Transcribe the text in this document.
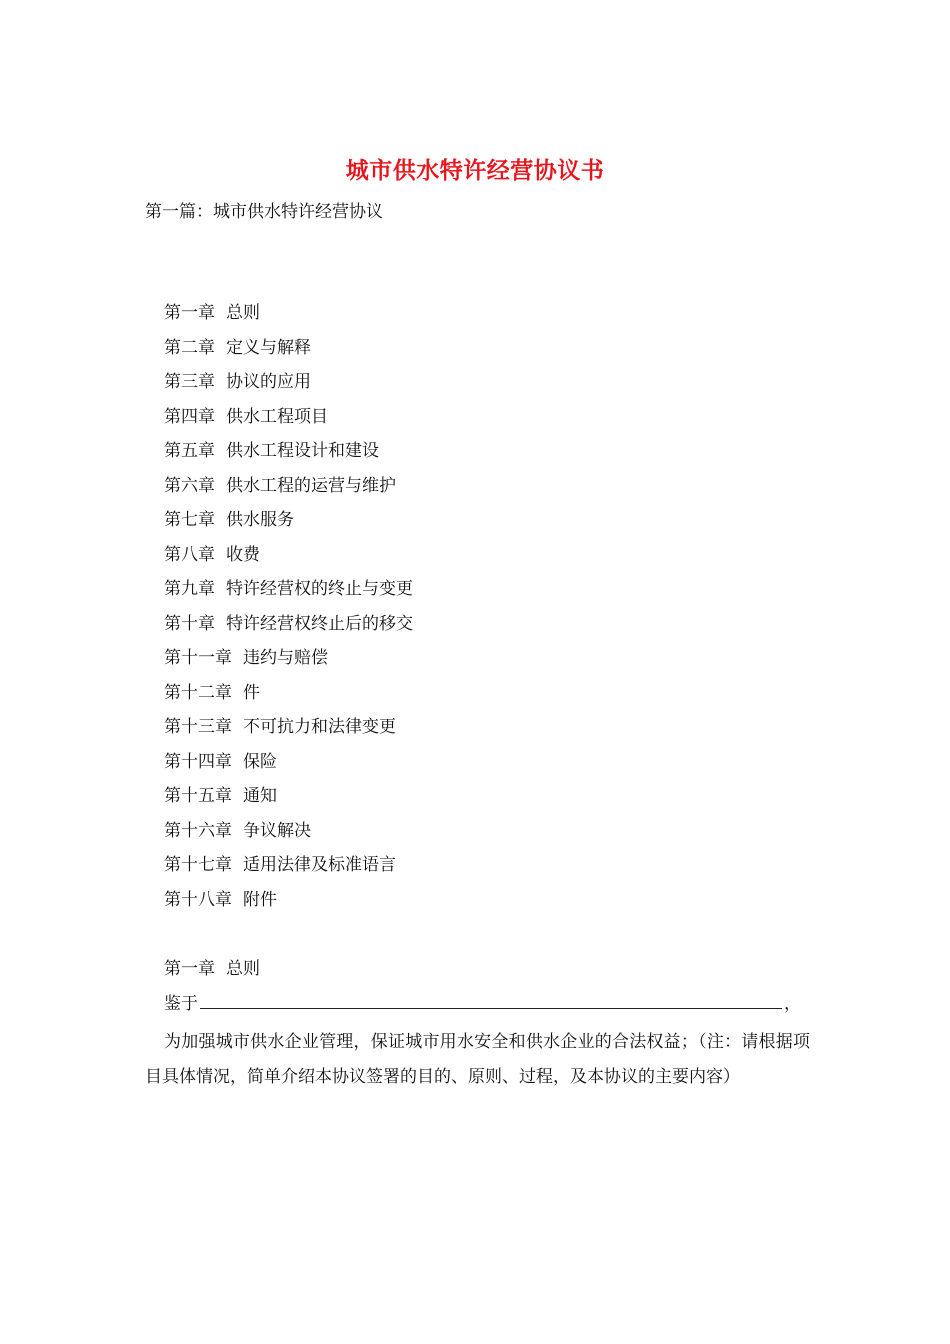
城市供水特许经营协议书
第一篇：城市供水特许经营协议
第一章 总则
第二章 定义与解释
第三章 协议的应用
第四章 供水工程项目
第五章 供水工程设计和建设
第六章 供水工程的运营与维护
第七章 供水服务
第八章 收费
第九章 特许经营权的终止与变更
第十章 特许经营权终止后的移交
第十一章 违约与赔偿
第十二章 件
第十三章 不可抗力和法律变更
第十四章 保险
第十五章 通知
第十六章 争议解决
第十七章 适用法律及标准语言
第十八章 附件
第一章 总则
鉴于	，
为加强城市供水企业管理，保证城市用水安全和供水企业的合法权益；（注：请根据项目具体情况，简单介绍本协议签署的目的、原则、过程，及本协议的主要内容）
